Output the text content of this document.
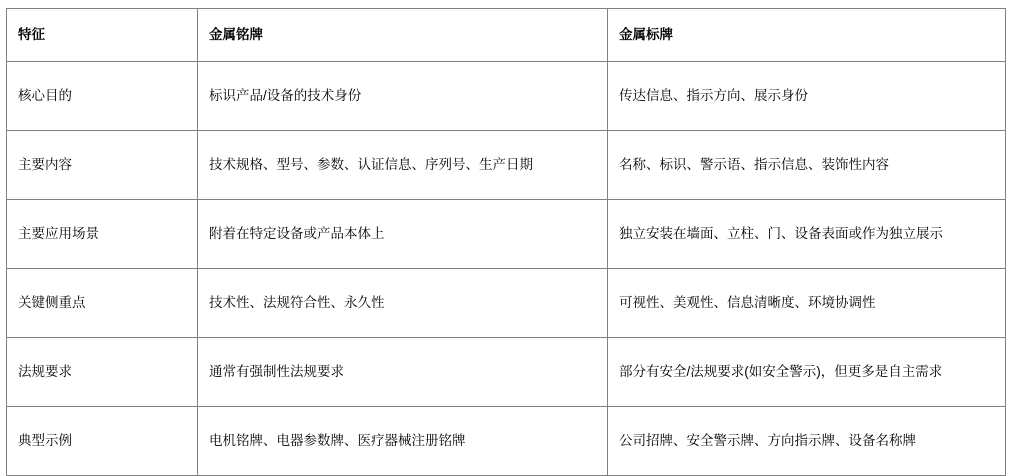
特征	金属铭牌	金属标牌
核心目的	标识产品/设备的技术身份	传达信息、指示方向、展示身份
主要内容	技术规格、型号、参数、认证信息、序列号、生产日期	名称、标识、警示语、指示信息、装饰性内容
主要应用场景	附着在特定设备或产品本体上	独立安装在墙面、立柱、门、设备表面或作为独立展示
关键侧重点	技术性、法规符合性、永久性	可视性、美观性、信息清晰度、环境协调性
法规要求	通常有强制性法规要求	部分有安全/法规要求(如安全警示)，但更多是自主需求
典型示例	电机铭牌、电器参数牌、医疗器械注册铭牌	公司招牌、安全警示牌、方向指示牌、设备名称牌
